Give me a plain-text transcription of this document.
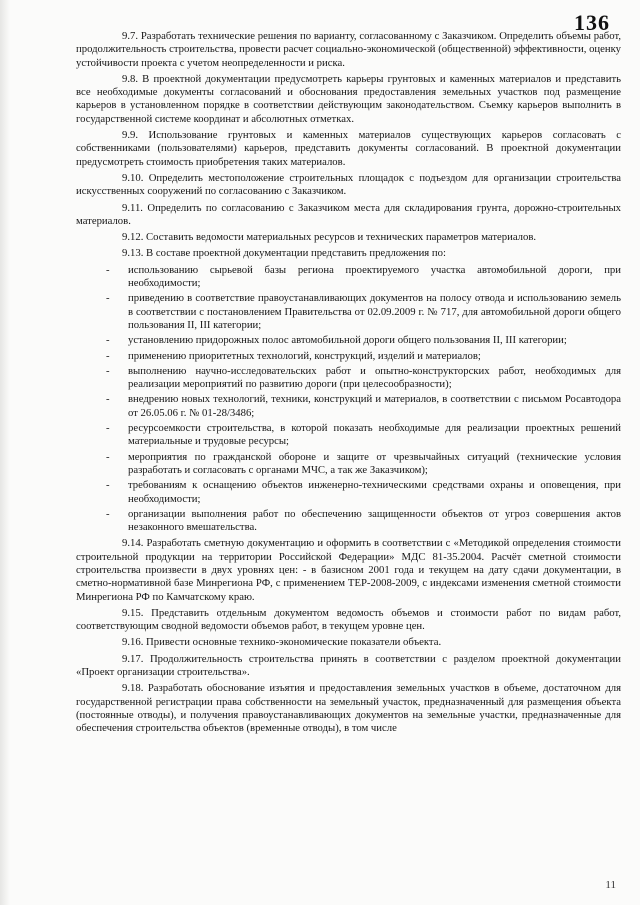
136

9.7. Разработать технические решения по варианту, согласованному с Заказчиком. Определить объемы работ, продолжительность строительства, провести расчет социально-экономической (общественной) эффективности, оценку устойчивости проекта с учетом неопределенности и риска.

9.8. В проектной документации предусмотреть карьеры грунтовых и каменных материалов и представить все необходимые документы согласований и обоснования предоставления земельных участков под размещение карьеров в установленном порядке в соответствии действующим законодательством. Съемку карьеров выполнить в государственной системе координат и абсолютных отметках.

9.9. Использование грунтовых и каменных материалов существующих карьеров согласовать с собственниками (пользователями) карьеров, представить документы согласований. В проектной документации предусмотреть стоимость приобретения таких материалов.

9.10. Определить местоположение строительных площадок с подъездом для организации строительства искусственных сооружений по согласованию с Заказчиком.

9.11. Определить по согласованию с Заказчиком места для складирования грунта, дорожно-строительных материалов.

9.12. Составить ведомости материальных ресурсов и технических параметров материалов.

9.13. В составе проектной документации представить предложения по:

- использованию сырьевой базы региона проектируемого участка автомобильной дороги, при необходимости;
- приведению в соответствие правоустанавливающих документов на полосу отвода и использованию земель в соответствии с постановлением Правительства от 02.09.2009 г. № 717, для автомобильной дороги общего пользования II, III категории;
- установлению придорожных полос автомобильной дороги общего пользования II, III категории;
- применению приоритетных технологий, конструкций, изделий и материалов;
- выполнению научно-исследовательских работ и опытно-конструкторских работ, необходимых для реализации мероприятий по развитию дороги (при целесообразности);
- внедрению новых технологий, техники, конструкций и материалов, в соответствии с письмом Росавтодора от 26.05.06 г. № 01-28/3486;
- ресурсоемкости строительства, в которой показать необходимые для реализации проектных решений материальные и трудовые ресурсы;
- мероприятия по гражданской обороне и защите от чрезвычайных ситуаций (технические условия разработать и согласовать с органами МЧС, а так же Заказчиком);
- требованиям к оснащению объектов инженерно-техническими средствами охраны и оповещения, при необходимости;
- организации выполнения работ по обеспечению защищенности объектов от угроз совершения актов незаконного вмешательства.

9.14. Разработать сметную документацию и оформить в соответствии с «Методикой определения стоимости строительной продукции на территории Российской Федерации» МДС 81-35.2004. Расчёт сметной стоимости строительства произвести в двух уровнях цен: - в базисном 2001 года и текущем на дату сдачи документации, в сметно-нормативной базе Минрегиона РФ, с применением ТЕР-2008-2009, с индексами изменения сметной стоимости Минрегиона РФ по Камчатскому краю.

9.15. Представить отдельным документом ведомость объемов и стоимости работ по видам работ, соответствующим сводной ведомости объемов работ, в текущем уровне цен.

9.16. Привести основные технико-экономические показатели объекта.

9.17. Продолжительность строительства принять в соответствии с разделом проектной документации «Проект организации строительства».

9.18. Разработать обоснование изъятия и предоставления земельных участков в объеме, достаточном для государственной регистрации права собственности на земельный участок, предназначенный для размещения объекта (постоянные отводы), и получения правоустанавливающих документов на земельные участки, предназначенные для обеспечения строительства объектов (временные отводы), в том числе

11
